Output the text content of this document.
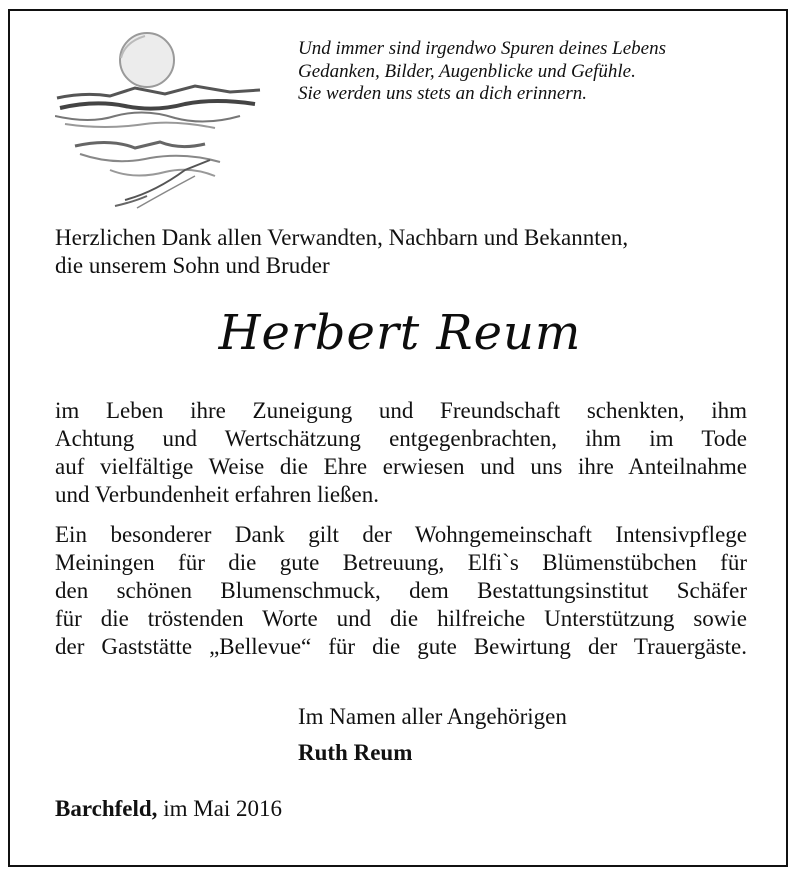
Und immer sind irgendwo Spuren deines Lebens
Gedanken, Bilder, Augenblicke und Gefühle.
Sie werden uns stets an dich erinnern.
Herzlichen Dank allen Verwandten, Nachbarn und Bekannten,
die unserem Sohn und Bruder
Herbert Reum
im Leben ihre Zuneigung und Freundschaft schenkten, ihm
Achtung und Wertschätzung entgegenbrachten, ihm im Tode
auf vielfältige Weise die Ehre erwiesen und uns ihre Anteilnahme
und Verbundenheit erfahren ließen.
Ein besonderer Dank gilt der Wohngemeinschaft Intensivpflege
Meiningen für die gute Betreuung, Elfi`s Blümenstübchen für
den schönen Blumenschmuck, dem Bestattungsinstitut Schäfer
für die tröstenden Worte und die hilfreiche Unterstützung sowie
der Gaststätte „Bellevue“ für die gute Bewirtung der Trauergäste.
Im Namen aller Angehörigen
Ruth Reum
Barchfeld, im Mai 2016
